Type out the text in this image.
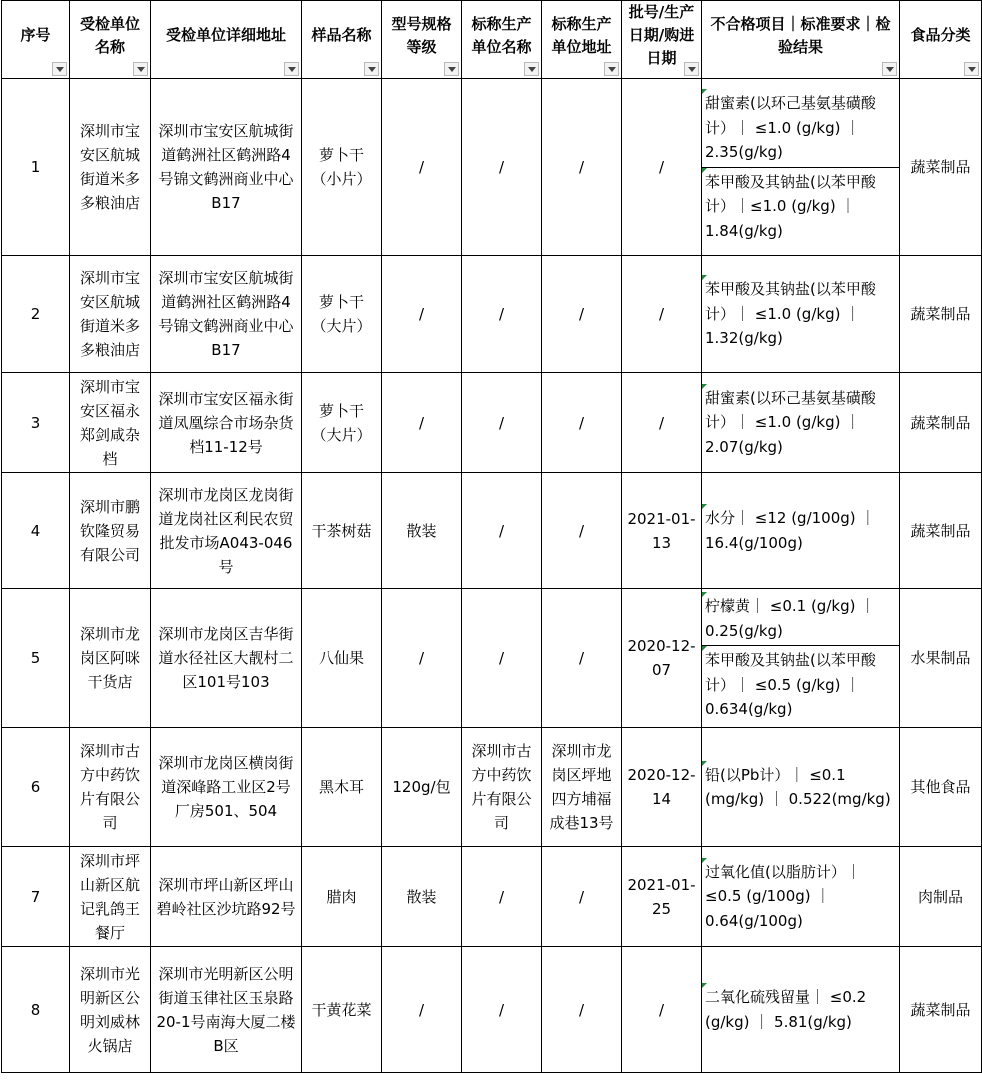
序号	受检单位名称	受检单位详细地址	样品名称	型号规格等级	标称生产单位名称	标称生产单位地址	批号/生产日期/购进日期	不合格项目｜标准要求｜检验结果	食品分类

1	深圳市宝安区航城街道米多多粮油店	深圳市宝安区航城街道鹤洲社区鹤洲路4号锦文鹤洲商业中心B17	萝卜干（小片）	/	/	/	/	甜蜜素(以环己基氨基磺酸计）｜ ≤1.0 (g/kg) ｜ 2.35(g/kg)
苯甲酸及其钠盐(以苯甲酸计）｜≤1.0 (g/kg) ｜ 1.84(g/kg)	蔬菜制品

2	深圳市宝安区航城街道米多多粮油店	深圳市宝安区航城街道鹤洲社区鹤洲路4号锦文鹤洲商业中心B17	萝卜干（大片）	/	/	/	/	苯甲酸及其钠盐(以苯甲酸计）｜ ≤1.0 (g/kg) ｜ 1.32(g/kg)	蔬菜制品

3	深圳市宝安区福永郑剑咸杂档	深圳市宝安区福永街道凤凰综合市场杂货档11-12号	萝卜干（大片）	/	/	/	/	甜蜜素(以环己基氨基磺酸计）｜ ≤1.0 (g/kg) ｜ 2.07(g/kg)	蔬菜制品

4	深圳市鹏钦隆贸易有限公司	深圳市龙岗区龙岗街道龙岗社区利民农贸批发市场A043-046号	干茶树菇	散装	/	/	2021-01-13	水分｜ ≤12 (g/100g) ｜ 16.4(g/100g)	蔬菜制品

5	深圳市龙岗区阿咪干货店	深圳市龙岗区吉华街道水径社区大靓村二区101号103	八仙果	/	/	/	2020-12-07	柠檬黄｜ ≤0.1 (g/kg) ｜ 0.25(g/kg)
苯甲酸及其钠盐(以苯甲酸计）｜ ≤0.5 (g/kg) ｜ 0.634(g/kg)	水果制品

6	深圳市古方中药饮片有限公司	深圳市龙岗区横岗街道深峰路工业区2号厂房501、504	黑木耳	120g/包	深圳市古方中药饮片有限公司	深圳市龙岗区坪地四方埔福成巷13号	2020-12-14	铅(以Pb计）｜ ≤0.1 (mg/kg) ｜ 0.522(mg/kg)	其他食品

7	深圳市坪山新区航记乳鸽王餐厅	深圳市坪山新区坪山碧岭社区沙坑路92号	腊肉	散装	/	/	2021-01-25	过氧化值(以脂肪计）｜ ≤0.5 (g/100g) ｜ 0.64(g/100g)	肉制品

8	深圳市光明新区公明刘威林火锅店	深圳市光明新区公明街道玉律社区玉泉路20-1号南海大厦二楼B区	干黄花菜	/	/	/	/	二氧化硫残留量｜ ≤0.2 (g/kg) ｜ 5.81(g/kg)	蔬菜制品
